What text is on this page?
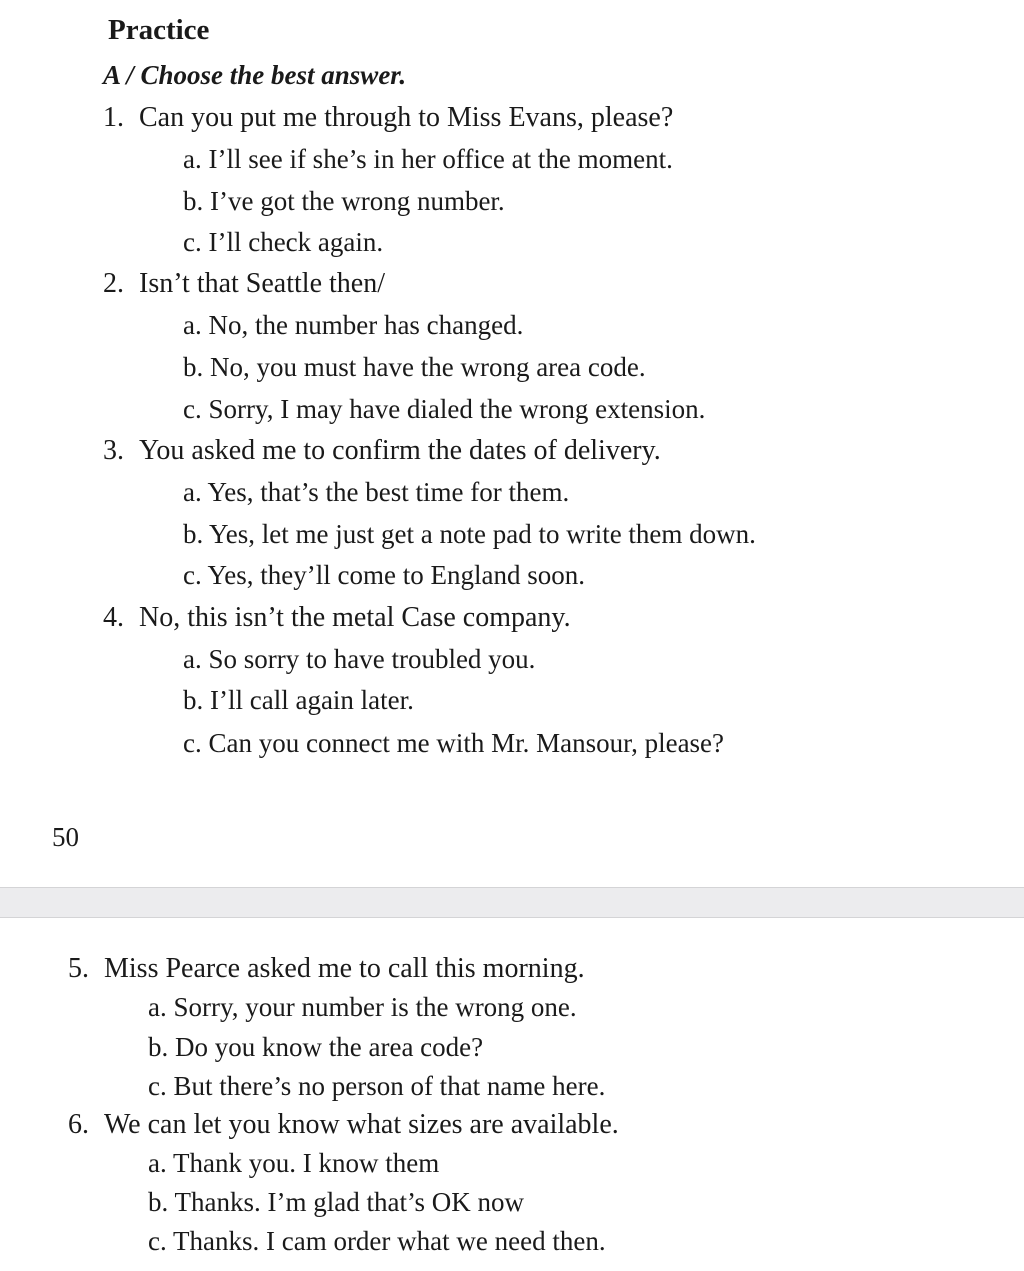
Practice
A / Choose the best answer.
1. Can you put me through to Miss Evans, please?
a. I’ll see if she’s in her office at the moment.
b. I’ve got the wrong number.
c. I’ll check again.
2. Isn’t that Seattle then/
a. No, the number has changed.
b. No, you must have the wrong area code.
c. Sorry, I may have dialed the wrong extension.
3. You asked me to confirm the dates of delivery.
a. Yes, that’s the best time for them.
b. Yes, let me just get a note pad to write them down.
c. Yes, they’ll come to England soon.
4. No, this isn’t the metal Case company.
a. So sorry to have troubled you.
b. I’ll call again later.
c. Can you connect me with Mr. Mansour, please?
50
5. Miss Pearce asked me to call this morning.
a. Sorry, your number is the wrong one.
b. Do you know the area code?
c. But there’s no person of that name here.
6. We can let you know what sizes are available.
a. Thank you. I know them
b. Thanks. I’m glad that’s OK now
c. Thanks. I cam order what we need then.
